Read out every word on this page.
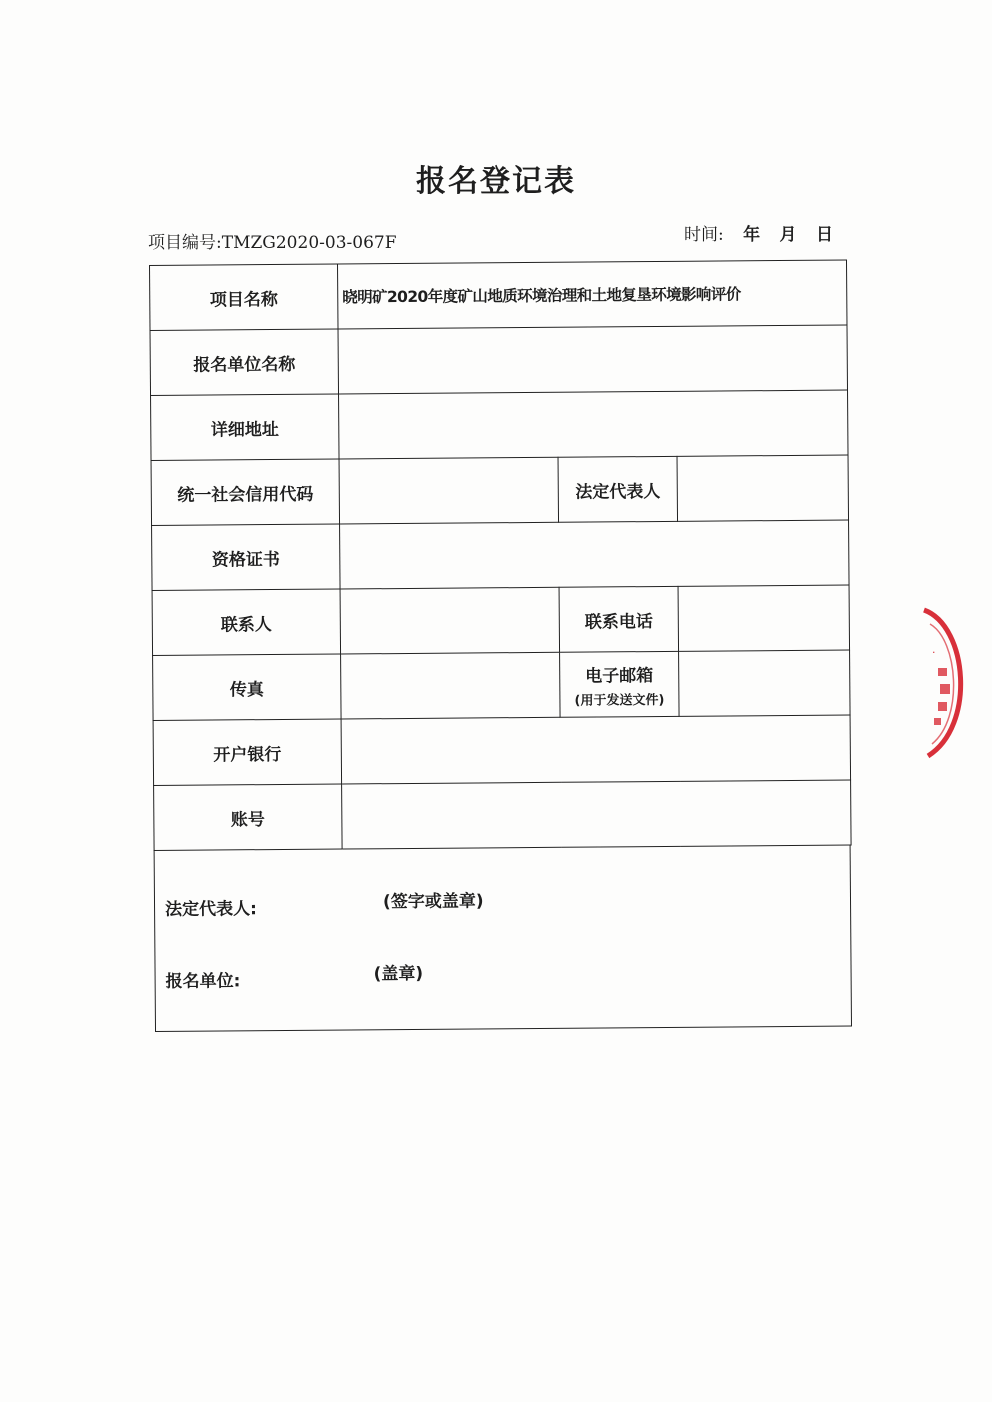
报名登记表
项目编号:TMZG2020-03-067F	时间: 年 月 日
项目名称	晓明矿2020年度矿山地质环境治理和土地复垦环境影响评价		
报名单位名称			
详细地址			
统一社会信用代码		法定代表人	
资格证书			
联系人		联系电话	
传真		电子邮箱
(用于发送文件)	

开户银行			
账号			
法定代表人:	(签字或盖章)
报名单位:	(盖章)
·
